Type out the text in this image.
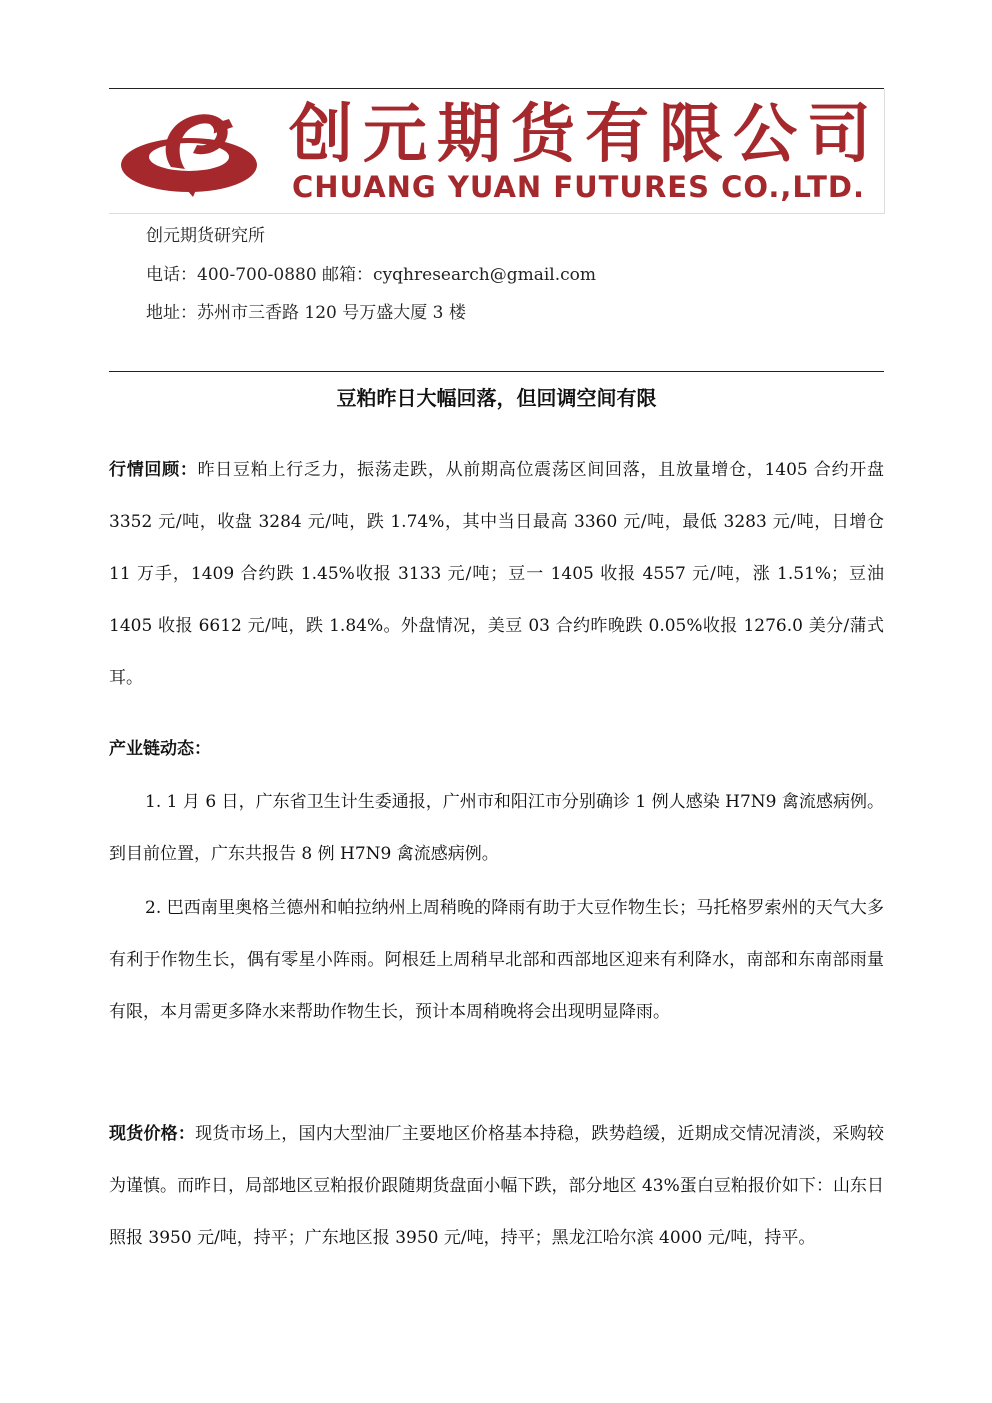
创元期货有限公司
CHUANG YUAN FUTURES CO.,LTD.
创元期货研究所
电话：400-700-0880 邮箱：cyqhresearch@gmail.com
地址：苏州市三香路 120 号万盛大厦 3 楼
豆粕昨日大幅回落，但回调空间有限

行情回顾：昨日豆粕上行乏力，振荡走跌，从前期高位震荡区间回落，且放量增仓，1405 合约开盘 3352 元/吨，收盘 3284 元/吨，跌 1.74%，其中当日最高 3360 元/吨，最低 3283 元/吨，日增仓 11 万手，1409 合约跌 1.45%收报 3133 元/吨；豆一 1405 收报 4557 元/吨，涨 1.51%；豆油 1405 收报 6612 元/吨，跌 1.84%。外盘情况，美豆 03 合约昨晚跌 0.05%收报 1276.0 美分/蒲式耳。

产业链动态：

1. 1 月 6 日，广东省卫生计生委通报，广州市和阳江市分别确诊 1 例人感染 H7N9 禽流感病例。到目前位置，广东共报告 8 例 H7N9 禽流感病例。

2. 巴西南里奥格兰德州和帕拉纳州上周稍晚的降雨有助于大豆作物生长；马托格罗索州的天气大多有利于作物生长，偶有零星小阵雨。阿根廷上周稍早北部和西部地区迎来有利降水，南部和东南部雨量有限，本月需更多降水来帮助作物生长，预计本周稍晚将会出现明显降雨。

现货价格：现货市场上，国内大型油厂主要地区价格基本持稳，跌势趋缓，近期成交情况清淡，采购较为谨慎。而昨日，局部地区豆粕报价跟随期货盘面小幅下跌，部分地区 43%蛋白豆粕报价如下：山东日照报 3950 元/吨，持平；广东地区报 3950 元/吨，持平；黑龙江哈尔滨 4000 元/吨，持平。
